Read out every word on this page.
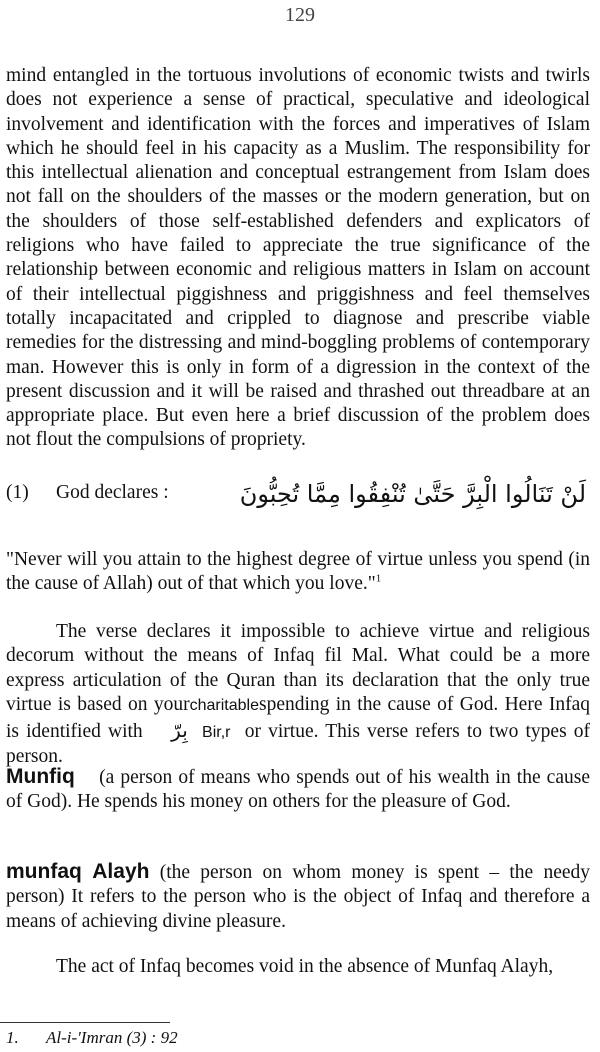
129

mind entangled in the tortuous involutions of economic twists and twirls does not experience a sense of practical, speculative and ideological involvement and identification with the forces and imperatives of Islam which he should feel in his capacity as a Muslim. The responsibility for this intellectual alienation and conceptual estrangement from Islam does not fall on the shoulders of the masses or the modern generation, but on the shoulders of those self-established defenders and explicators of religions who have failed to appreciate the true significance of the relationship between economic and religious matters in Islam on account of their intellectual piggishness and priggishness and feel themselves totally incapacitated and crippled to diagnose and prescribe viable remedies for the distressing and mind-boggling problems of contemporary man. However this is only in form of a digression in the context of the present discussion and it will be raised and thrashed out threadbare at an appropriate place. But even here a brief discussion of the problem does not flout the compulsions of propriety.

(1) God declares :	لَنْ تَنَالُوا الْبِرَّ حَتَّىٰ تُنْفِقُوا مِمَّا تُحِبُّونَ

"Never will you attain to the highest degree of virtue unless you spend (in the cause of Allah) out of that which you love."$^1$

The verse declares it impossible to achieve virtue and religious decorum without the means of Infaq fil Mal. What could be a more express articulation of the Quran than its declaration that the only true virtue is based on yourcharitablespending in the cause of God. Here Infaq is identified with بِرّ Bir,r or virtue. This verse refers to two types of person.

Munfiq (a person of means who spends out of his wealth in the cause of God). He spends his money on others for the pleasure of God.

munfaq Alayh (the person on whom money is spent – the needy person) It refers to the person who is the object of Infaq and therefore a means of achieving divine pleasure.

The act of Infaq becomes void in the absence of Munfaq Alayh,

1. Al-i-'Imran (3) : 92
